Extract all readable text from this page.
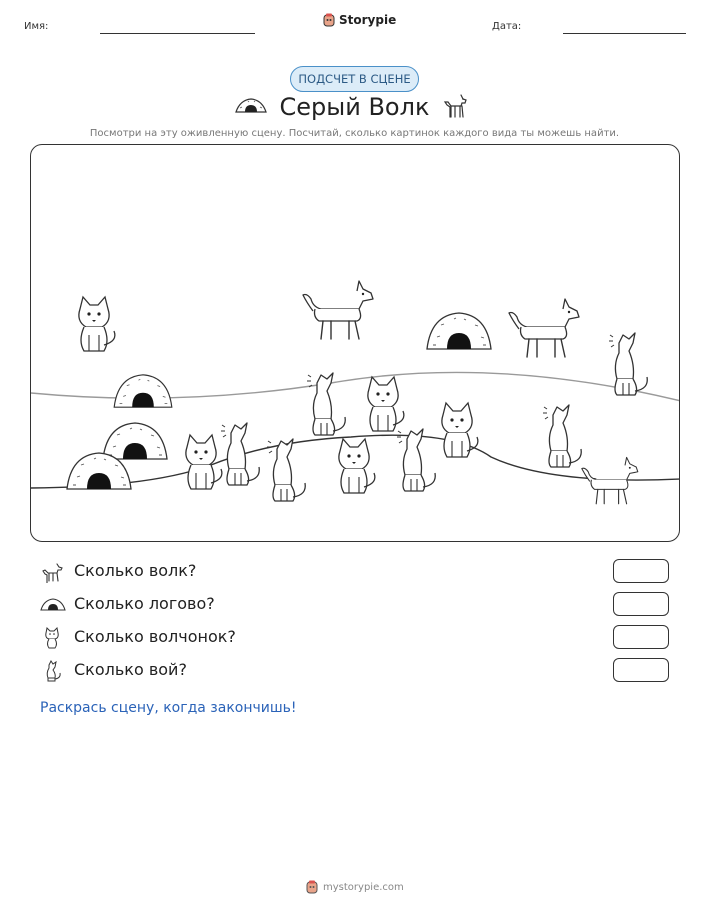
Имя:	Storypie	Дата:
ПОДСЧЕТ В СЦЕНЕ
Серый Волк
Посмотри на эту оживленную сцену. Посчитай, сколько картинок каждого вида ты можешь найти.
Сколько волк?
Сколько логово?
Сколько волчонок?
Сколько вой?
Раскрась сцену, когда закончишь!
mystorypie.com
